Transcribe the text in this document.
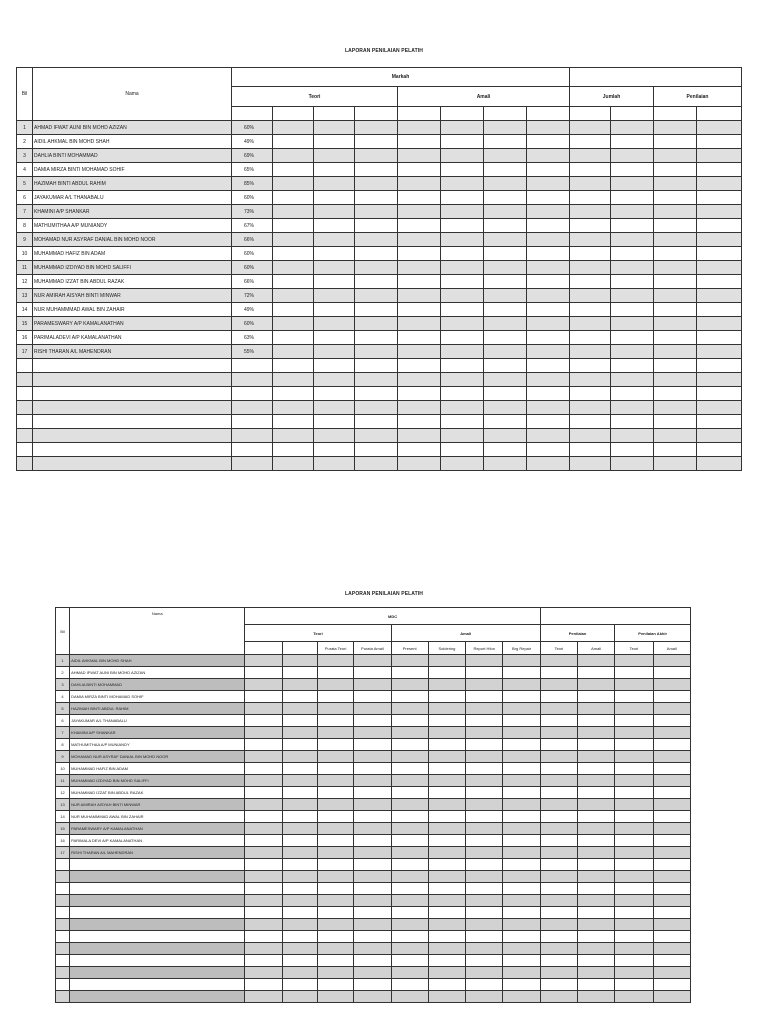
LAPORAN PENILAIAN PELATIH
Bil	Nama	Markah											
		Teori				Amali				Jumlah		Penilaian	

1	AHMAD IFWAT AUNI BIN MOHD AZIZAN	60%											
2	AIDIL AHKMAL BIN MOHD SHAH	49%											
3	DAHLIA BINTI MOHAMMAD	69%											
4	DAMIA MIRZA BINTI MOHAMAD SOHIF	65%											
5	HAZIMAH BINTI ABDUL RAHIM	85%											
6	JAYAKUMAR A/L THANABALU	60%											
7	KHAMINI A/P SHANKAR	73%											
8	MATHUMITHAA A/P MUNIANDY	67%											
9	MOHAMAD NUR ASYRAF DANIAL BIN MOHD NOOR	66%											
10	MUHAMMAD HAFIZ BIN ADAM	60%											
11	MUHAMMAD IZDIYAD BIN MOHD SALIFFI	60%											
12	MUHAMMAD IZZAT BIN ABDUL RAZAK	66%											
13	NUR AMIRAH AISYAH BINTI MINWAR	72%											
14	NUR MUHAMMMAD AWAL BIN ZAHAIR	49%											
15	PARAMESWARY A/P KAMALANATHAN	60%											
16	PARIMALADEVI A/P KAMALANATHAN	63%											
17	RISHI THARAN A/L MAHENDRAN	55%											

LAPORAN PENILAIAN PELATIH
Bil	Nama	MDC											
		Teori				Amali				Penilaian		Penilaian Akhir	
				Purata Teori	Purata Amali	Present	Soldering	Report Hfon	Brg Repair	Teori	Amali	Teori	Amali
1	AIDIL AHKMAL BIN MOHD SHAH												
2	AHMAD IFWAT AUNI BIN MOHD AZIZAN												
3	DAHLIA BINTI MOHAMMAD												
4	DAMIA MIRZA BINTI MOHAMAD SOHIF												
5	HAZIMAH BINTI ABDUL RAHIM												
6	JAYAKUMAR A/L THANABALU												
7	KHAMINI A/P SHANKAR												
8	MATHUMITHAA A/P MUNIANDY												
9	MOHAMAD NUR ASYRAF DANIAL BIN MOHD NOOR												
10	MUHAMMAD HAFIZ BIN ADAM												
11	MUHAMMAD IZDIYAD BIN MOHD SALIFFI												
12	MUHAMMAD IZZAT BIN ABDUL RAZAK												
13	NUR AMIRAH AISYAH BINTI MINWAR												
14	NUR MUHAMMMAD AWAL BIN ZAHAIR												
15	PARAMESWARY A/P KAMALANATHAN												
16	PARIMALA DEVI A/P KAMALANATHAN												
17	RISHI THARAN A/L MAHENDRAN												
